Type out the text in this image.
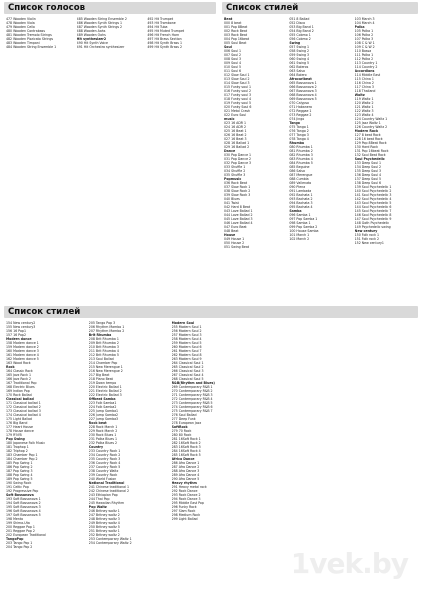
Список голосов
477 Wooden Violin
478 Wooden Viola
479 Wooden Cello
480 Wooden Contrabass
481 Wooden Tremolo Strings
482 Wooden Pizzicato Strings
483 Wooden Timpani
484 Wooden String Ensemble 1
485 Wooden String Ensemble 2
486 Wooden Synth Strings 1
487 Wooden Synth Strings 2
488 Wooden Aahs
489 Wooden Oohs
Hit synthesizer2
490 Hit Synth Voice
491 Hit Orchestra synthesizer
492 Hit Trumpet
493 Hit Trombone
494 Hit Tuba
495 Hit Muted Trumpet
496 Hit French Horn
497 Hit Brass Section
498 Hit Synth Brass 1
499 Hit Synth Brass 2
Список стилей
Beat
000 8 beat
001 Pop 8Beat
002 Rock Beat
003 Rock Beat
004 Pop 16beat
005 Soul Beat
Soul
006 Soul 1
007 Soul 2
008 Soul 3
009 Soul 4
010 Soul 5
011 Soul 6
012 Slow Soul 1
013 Slow Soul 2
014 Slow Soul 3
015 Funky soul 1
016 Funky soul 2
017 Funky soul 3
018 Funky soul 4
019 Funky soul 5
020 Funky Soul 6
021 Metal Crash
022 Euro Soul
music
023 16 ADR 1
024 16 ADR 2
025 16 Beat 1
026 16 Beat 2
027 16 Beat 3
028 16 Ballad 1
029 16 Ballad 2
Dance
030 Pop Dance 1
031 Pop Dance 2
032 Pop Dance 3
033 Shuffle 1
034 Shuffle 2
035 Shuffle 3
Popmusic
036 Rock Beat
037 Slow Rock 1
038 Slow Rock 2
039 Slow Rock 3
040 Blues
041 Twist
042 Hard 8 Beat
043 Love Ballad 1
044 Love Ballad 2
045 Love Ballad 3
046 Love Ballad 4
047 Euro Beat
048 Beat
House
049 House 1
050 House 2
051 Swing Beat
051 8 Ballad
052 Disco
053 Big Band 1
054 Big Band 2
055 Cobmo 1
056 Cobmo 2
Swing
057 Swing 1
058 Swing 2
059 Swing 3
060 Swing 4
061 Swing 5
062 Boleros
063 Salsa
064 Bolero
Afrocaribeat
065 Bossanova 1
066 Bossanova 2
067 Bossanova 3
068 Bossanova 4
069 Bossanova 5
070 Calypso
071 Habanera
072 Reggae 1
073 Reggae 2
074 Jingo
Tango
075 Tango 1
076 Tango 2
077 Tango 3
078 Tango 4
Rhumba
080 Rhumba 1
081 Rhumba 2
082 Rhumba 3
083 Rhumba 4
084 Rhumba 5
085 Beguine
086 Salsa
087 Merengue
088 Cumbia
089 Vallenato
090 Plena
091 Lambada
092 Bachata 1
093 Bachata 2
094 Bachata 3
095 Bachata 4
Samba
096 Samba 1
097 Pop Samba 1
098 Samba 1
099 Pop Samba 2
100 House Samba
101 March 1
102 March 2
103 March 3
104 March 4
Polka
105 Polka 1
106 Polka 2
107 Polka 3
108 C & W 1
109 C & W 2
110 Bossa
111 Polka 1
112 Polka 2
113 Country 1
114 Country 2
Accordions
114 Middle East
115 China 1
116 China 2
117 China 3
118 Thailand
Waltz
119 Waltz 1
120 Waltz 2
121 Waltz 1
122 Waltz 3
123 Waltz 4
124 Country Waltz 1
125 Jazz Waltz 1
126 Country Waltz 2
Modern Rock
127 8 beat Rock
128 16 beat Rock
129 Pop 8Beat Rock
130 Hard Rock
131 Pop 16beat Rock
132 Soul Beat Rock
Soul Psychedelic
133 Deep Soul 1
134 Deep Soul 2
135 Deep Soul 3
136 Deep Soul 4
137 Deep Soul 5
138 Deep Soul 6
139 Soul Psychedelic 1
140 Soul Psychedelic 2
141 Soul Psychedelic 3
142 Soul Psychedelic 4
143 Soul Psychedelic 5
144 Soul Psychedelic 6
145 Soul Psychedelic 7
146 Soul Psychedelic 8
147 Soul Psychedelic 9
148 Goth Psychedelic
149 Psychedelic swing
New century
150 Folk rock 1
151 Folk rock 2
152 New century1
Список стилей
154 New century2
155 New century3
156 16 Pop1
157 16 Pop2
Modern dance
158 Modern dance 1
159 Modern dance 2
160 Modern dance 3
161 Modern dance 4
162 Modern dance 5
163 Wood Rock
Rock
164 Classic Rock
165 Jazz Rock 1
166 Jazz Rock 2
167 Traditional Pop
168 Electric Blues
169 Indian Pop
170 Rock Ballad
Classical ballad
171 Classical ballad 1
172 Classical ballad 2
173 Classical ballad 3
174 Classical ballad 4
175 Light Ballad
176 Big Band
177 Heart House
178 House dance
179 R'N'B
Pop Swing
180 Japanese Folk Music
181 Trophop 1
182 Triphop 2
183 Chamber Pop 1
184 Chamber Pop 2
185 Pop Swing 1
186 Pop Swing 2
187 Pop Swing 3
188 Pop Swing 4
189 Pop Swing 5
190 Swing Rock
191 Celtic Pop
192 Progressive Pop
Soft Bossanova
193 Soft Bossanova 1
194 Soft Bossanova 2
195 Soft Bossanova 3
196 Soft Bossanova 4
197 Soft Bossanova 5
198 Mento
199 Shima-Uta
200 Reggae Pop 1
201 Reggae Pop 2
202 European Traditional
TangoPop
203 Tango Pop 1
204 Tango Pop 2
205 Tango Pop 3
206 Rhythm Mambo 1
207 Rhythm Mambo 2
Brit Rhumba
208 Brit Rhumba 1
209 Brit Rhumba 2
210 Brit Rhumba 3
211 Brit Rhumba 4
212 Brit Rhumba 5
213 Soul Ballad
214 Chamber Pop
215 New Merengue 1
216 New Merengue 2
217 Big Beat
218 Piano Beat
219 Down tempo
220 Electric Ballad 1
221 Electric Ballad 2
222 Electric Ballad 3
Offbeat Samba
223 Folk Samba1
224 Folk Samba2
225 Jump Samba1
226 Jump Samba2
227 Jump Samba3
Rock beat
228 Rock March 1
229 Rock March 2
230 Rock Blues 1
231 Polka Blues 1
232 Polka Blues 2
Country
233 Country Rock 1
234 Country Rock 2
235 Country Rock 3
236 Country Rock 4
237 Country Rock 5
238 Country Waltz
239 Country Rock
240 World Fusion
National Traditional
241 Chinese traditional 1
242 Chinese traditional 2
243 Ethiopian Pop
244 Thai Pop
245 Hawaiian Rhythm
Pop Waltz
246 Britney waltz 1
247 Britney waltz 2
248 Britney waltz 3
249 Britney waltz 4
250 Britney waltz 5
251 Britney waltz 1
252 Britney waltz 2
253 Contemporary Waltz 1
254 Contemporary Waltz 2
Modern Soul
255 Modern Soul 1
256 Modern Soul 2
257 Modern Soul 3
258 Modern Soul 4
259 Modern Soul 5
260 Modern Soul 6
261 Modern Soul 7
262 Modern Soul 8
263 Modern Soul 9
264 Classical Soul 1
265 Classical Soul 2
266 Classical Soul 3
267 Classical Soul 4
268 Classical Soul 5
R&B(Rhythm and Blues)
269 Contemporary R&B 1
270 Contemporary R&B 2
271 Contemporary R&B 3
272 Contemporary R&B 4
273 Contemporary R&B 5
274 Contemporary R&B 6
275 Contemporary R&B 7
276 Soul Ballad
277 Deep Funk
278 European Jazz
SoftRock
279 70 Rock
280 80 Rock
281 16Soft Rock 1
282 16Soft Rock 2
283 16Soft Rock 3
284 16Soft Rock 4
285 16Soft Rock 5
Africa Dance
286 Afro Dance 1
287 Afro Dance 2
288 Afro Dance 3
289 Afro Dance 4
290 Afro Dance 5
Heavy rhythm
291 Heavy metal rock
292 Rock Dance
293 Rock Dance 2
294 Rock Dance 3
295 Middle East Pop
296 Funky Rock
297 Slam Rock
298 Medium Rock
299 Light Ballad
1vek.by
